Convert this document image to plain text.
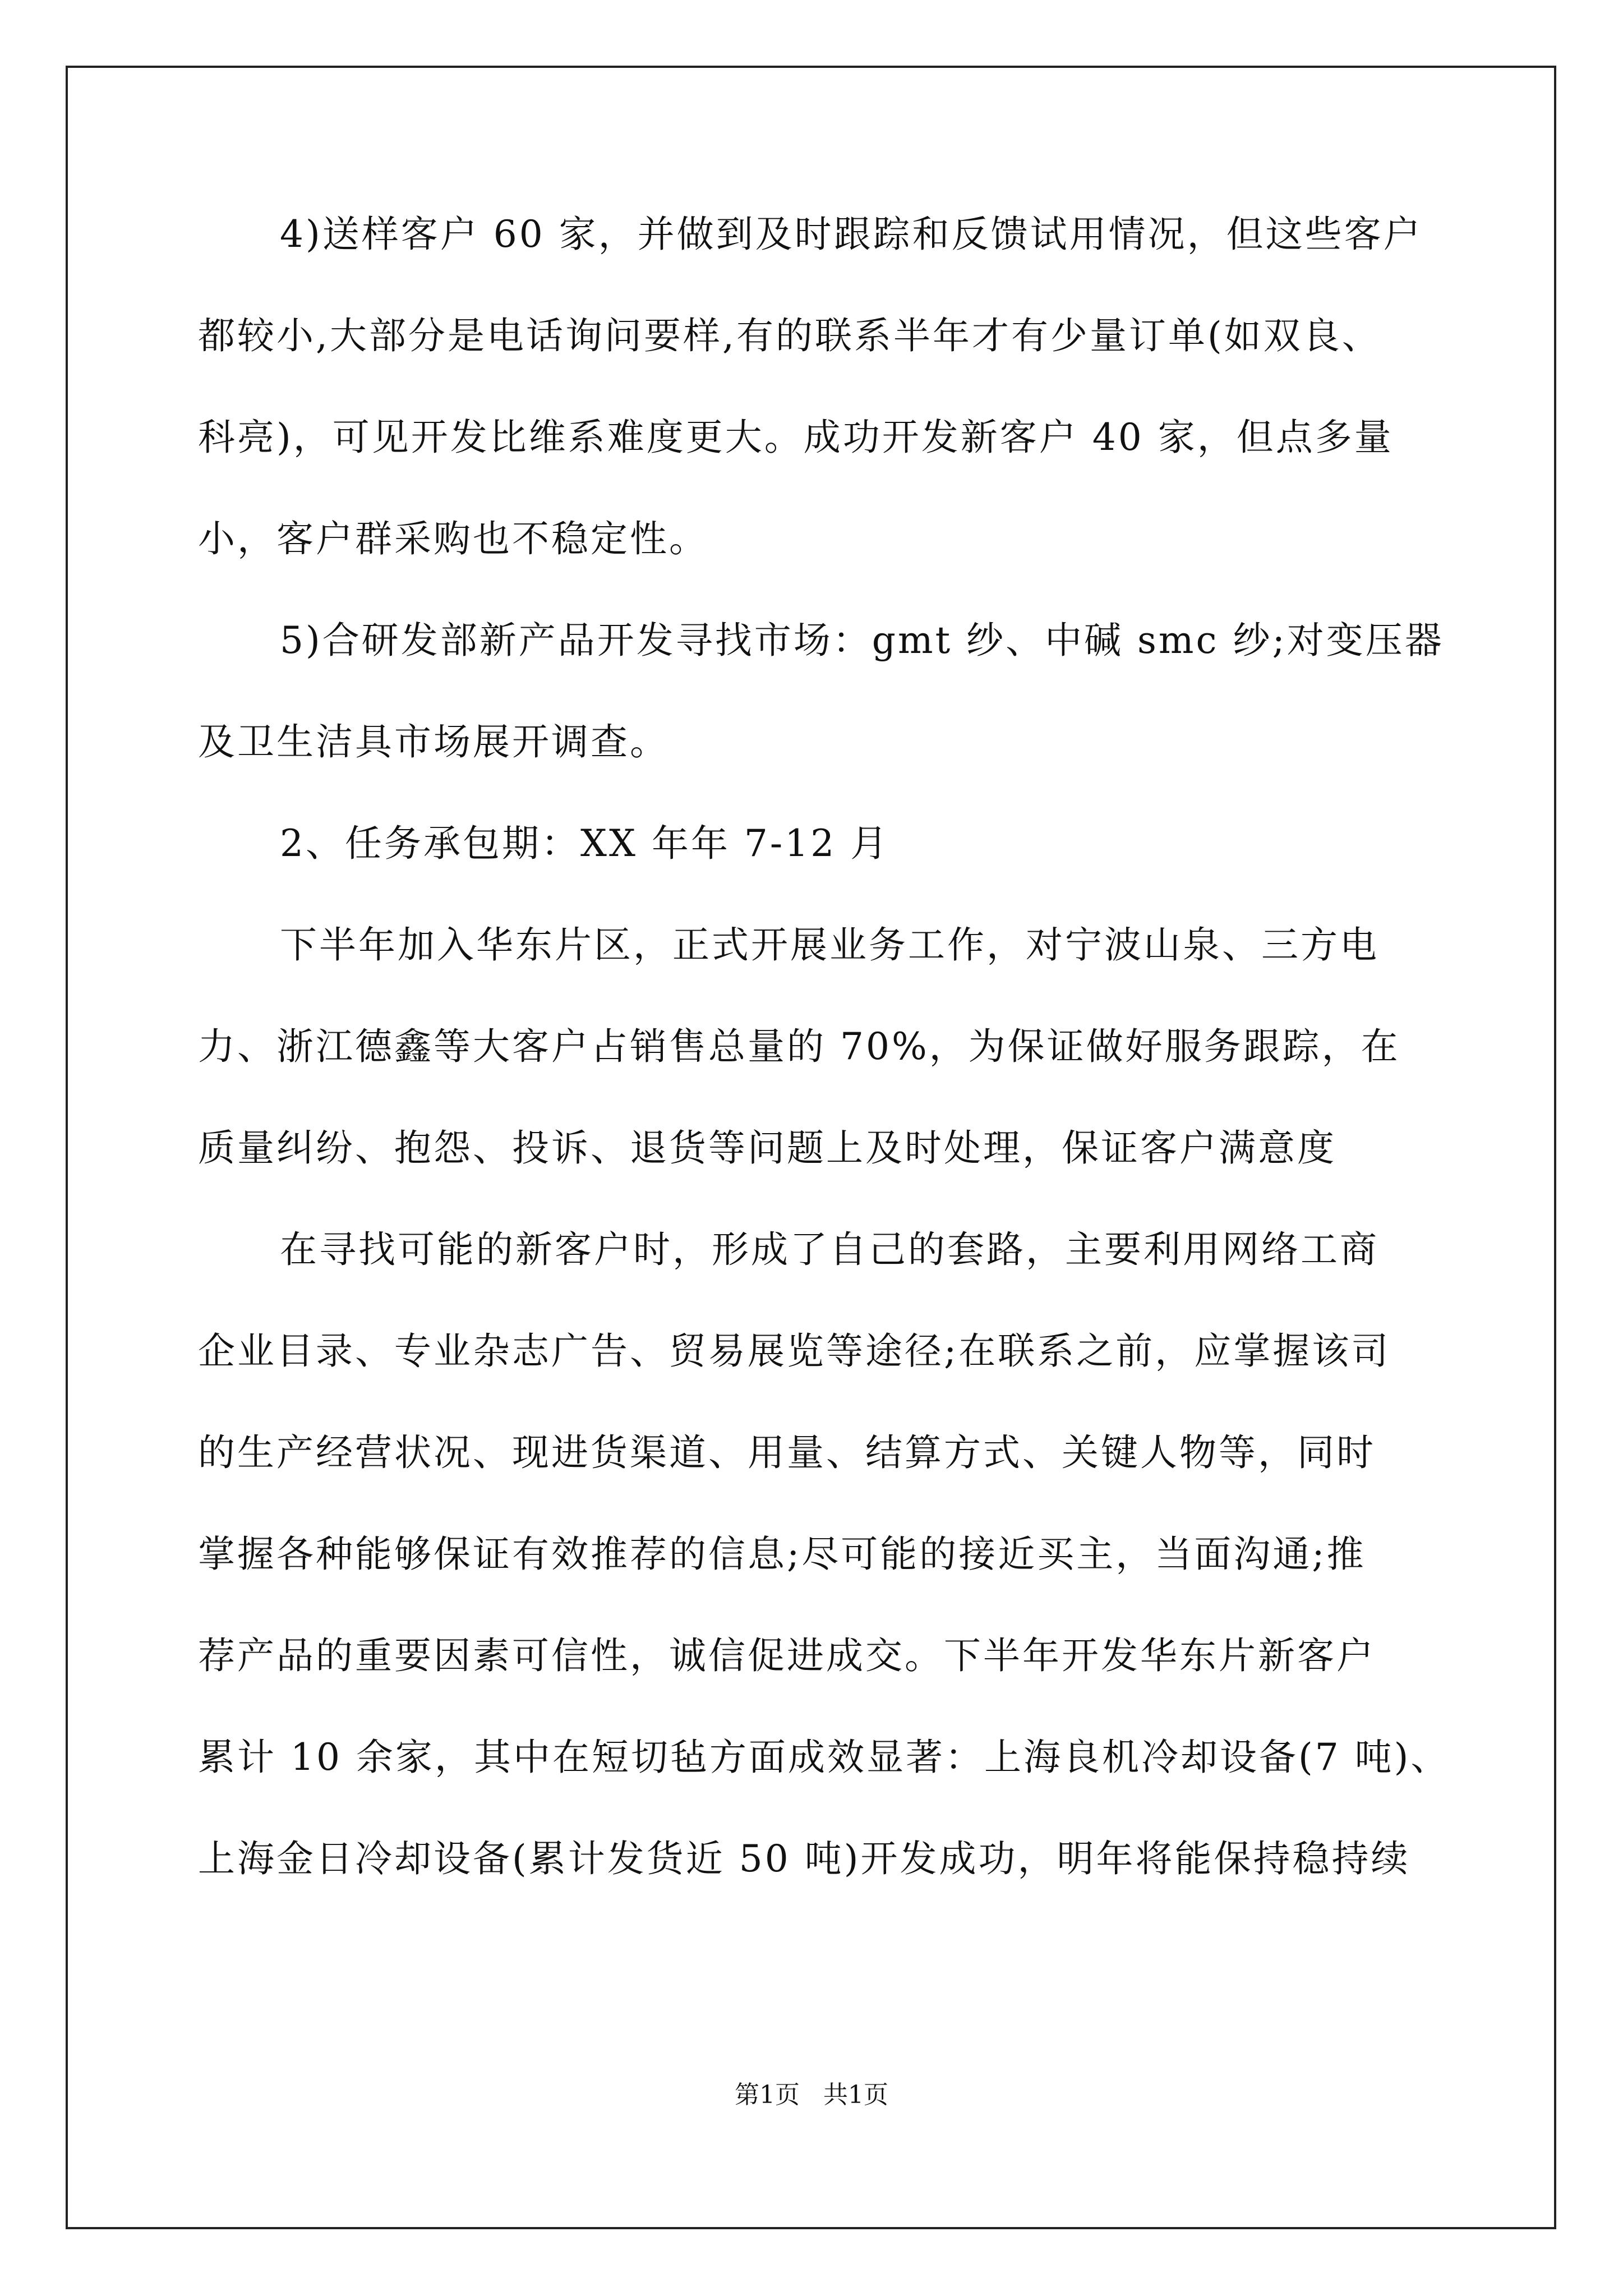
4)送样客户 60 家，并做到及时跟踪和反馈试用情况，但这些客户
都较小,大部分是电话询问要样,有的联系半年才有少量订单(如双良、
科亮)，可见开发比维系难度更大。成功开发新客户 40 家，但点多量
小，客户群采购也不稳定性。
5)合研发部新产品开发寻找市场：gmt 纱、中碱 smc 纱;对变压器
及卫生洁具市场展开调查。
2、任务承包期：XX 年年 7-12 月
下半年加入华东片区，正式开展业务工作，对宁波山泉、三方电
力、浙江德鑫等大客户占销售总量的 70%，为保证做好服务跟踪，在
质量纠纷、抱怨、投诉、退货等问题上及时处理，保证客户满意度
在寻找可能的新客户时，形成了自己的套路，主要利用网络工商
企业目录、专业杂志广告、贸易展览等途径;在联系之前，应掌握该司
的生产经营状况、现进货渠道、用量、结算方式、关键人物等，同时
掌握各种能够保证有效推荐的信息;尽可能的接近买主，当面沟通;推
荐产品的重要因素可信性，诚信促进成交。下半年开发华东片新客户
累计 10 余家，其中在短切毡方面成效显著：上海良机冷却设备(7 吨)、
上海金日冷却设备(累计发货近 50 吨)开发成功，明年将能保持稳持续
第1页   共1页
